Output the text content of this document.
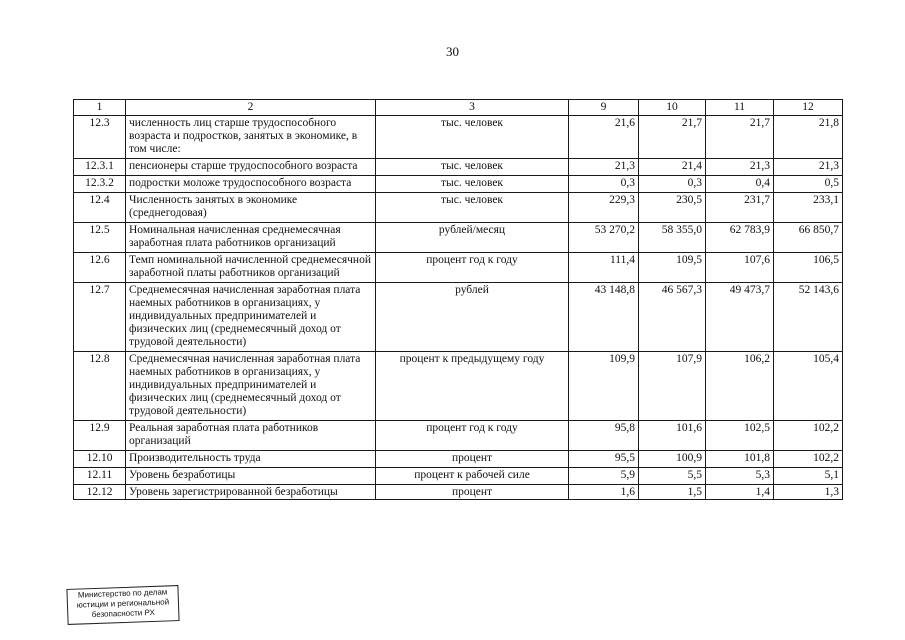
30
1	2	3	9	10	11	12
12.3	численность лиц старше трудоспособного возраста и подростков, занятых в экономике, в том числе:	тыс. человек	21,6	21,7	21,7	21,8
12.3.1	пенсионеры старше трудоспособного возраста	тыс. человек	21,3	21,4	21,3	21,3
12.3.2	подростки моложе трудоспособного возраста	тыс. человек	0,3	0,3	0,4	0,5
12.4	Численность занятых в экономике (среднегодовая)	тыс. человек	229,3	230,5	231,7	233,1
12.5	Номинальная начисленная среднемесячная заработная плата работников организаций	рублей/месяц	53 270,2	58 355,0	62 783,9	66 850,7
12.6	Темп номинальной начисленной среднемесячной заработной платы работников организаций	процент год к году	111,4	109,5	107,6	106,5
12.7	Среднемесячная начисленная заработная плата наемных работников в организациях, у индивидуальных предпринимателей и физических лиц (среднемесячный доход от трудовой деятельности)	рублей	43 148,8	46 567,3	49 473,7	52 143,6
12.8	Среднемесячная начисленная заработная плата наемных работников в организациях, у индивидуальных предпринимателей и физических лиц (среднемесячный доход от трудовой деятельности)	процент к предыдущему году	109,9	107,9	106,2	105,4
12.9	Реальная заработная плата работников организаций	процент год к году	95,8	101,6	102,5	102,2
12.10	Производительность труда	процент	95,5	100,9	101,8	102,2
12.11	Уровень безработицы	процент к рабочей силе	5,9	5,5	5,3	5,1
12.12	Уровень зарегистрированной безработицы	процент	1,6	1,5	1,4	1,3
Министерство по делам
юстиции и региональной
безопасности РХ
